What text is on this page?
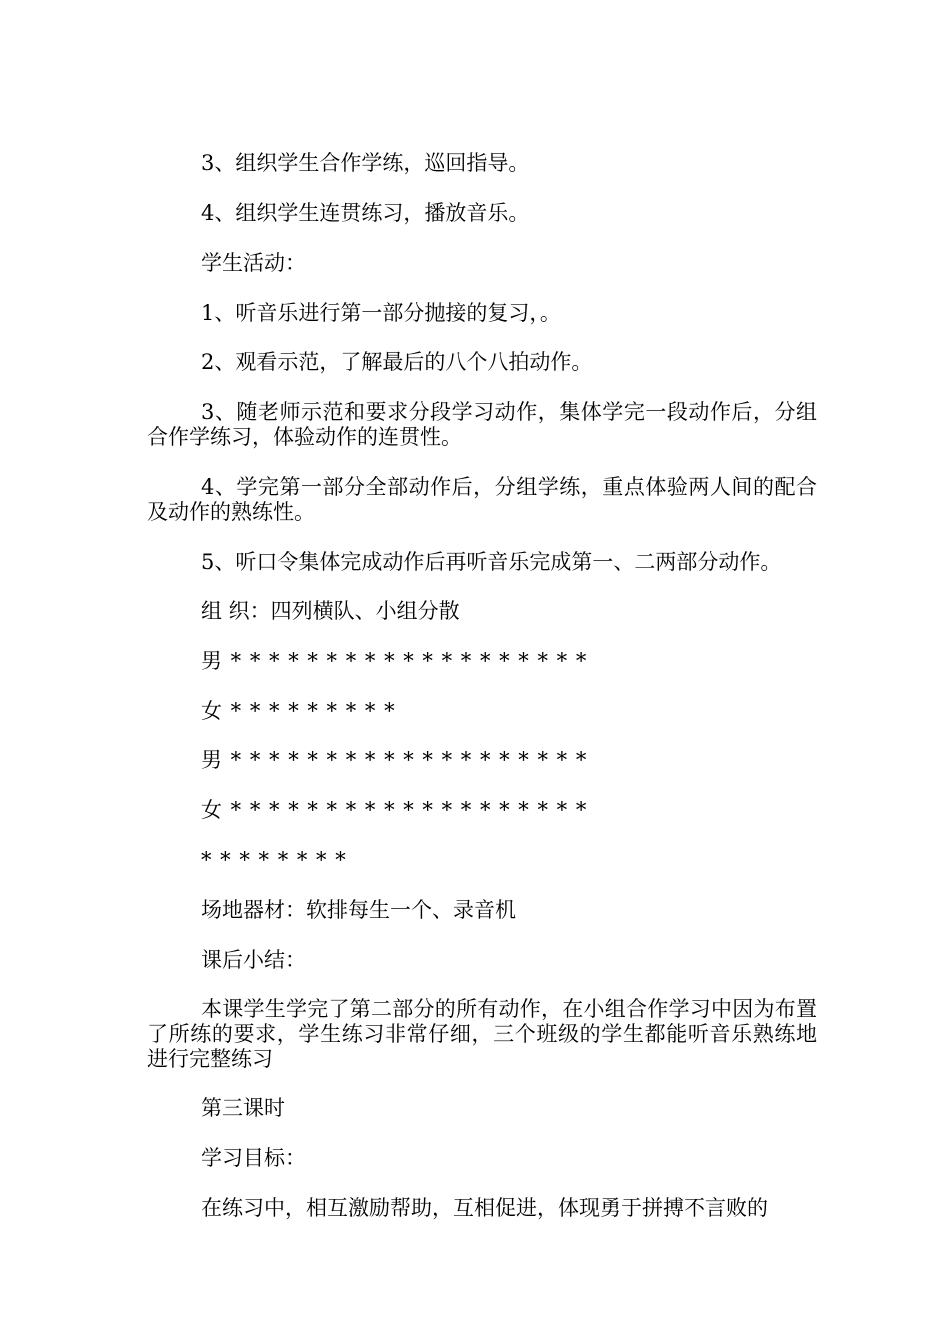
3、组织学生合作学练，巡回指导。
4、组织学生连贯练习，播放音乐。
学生活动：
1、听音乐进行第一部分抛接的复习，。
2、观看示范，了解最后的八个八拍动作。
3、随老师示范和要求分段学习动作，集体学完一段动作后，分组合作学练习，体验动作的连贯性。
4、学完第一部分全部动作后，分组学练，重点体验两人间的配合及动作的熟练性。
5、听口令集体完成动作后再听音乐完成第一、二两部分动作。
组 织：四列横队、小组分散
男 * * * * * * * * * * * * * * * * * * *
女 * * * * * * * * *
男 * * * * * * * * * * * * * * * * * * *
女 * * * * * * * * * * * * * * * * * * *
* * * * * * * *
场地器材：软排每生一个、录音机
课后小结：
本课学生学完了第二部分的所有动作，在小组合作学习中因为布置了所练的要求，学生练习非常仔细，三个班级的学生都能听音乐熟练地进行完整练习
第三课时
学习目标：
在练习中，相互激励帮助，互相促进，体现勇于拼搏不言败的
